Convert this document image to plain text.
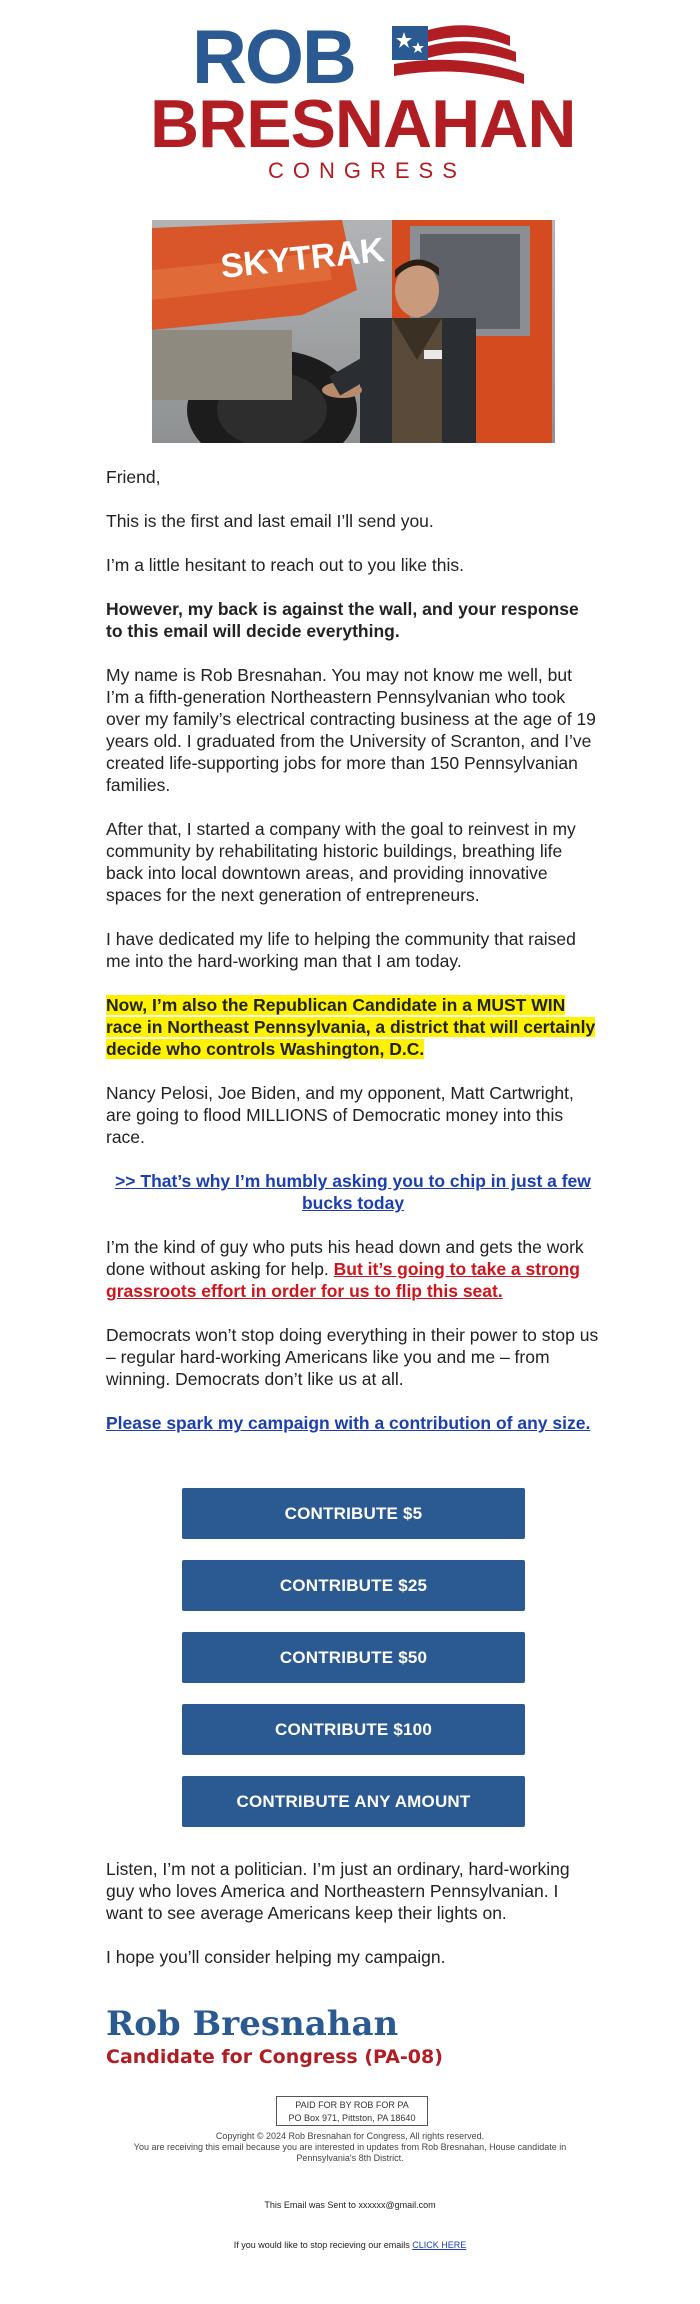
ROB
BRESNAHAN
CONGRESS
SKYTRAK
Friend,
This is the first and last email I’ll send you.
I’m a little hesitant to reach out to you like this.
However, my back is against the wall, and your response to this email will decide everything.
My name is Rob Bresnahan. You may not know me well, but I’m a fifth-generation Northeastern Pennsylvanian who took over my family’s electrical contracting business at the age of 19 years old. I graduated from the University of Scranton, and I’ve created life-supporting jobs for more than 150 Pennsylvanian families.
After that, I started a company with the goal to reinvest in my community by rehabilitating historic buildings, breathing life back into local downtown areas, and providing innovative spaces for the next generation of entrepreneurs.
I have dedicated my life to helping the community that raised me into the hard-working man that I am today.
Now, I’m also the Republican Candidate in a MUST WIN race in Northeast Pennsylvania, a district that will certainly decide who controls Washington, D.C.
Nancy Pelosi, Joe Biden, and my opponent, Matt Cartwright, are going to flood MILLIONS of Democratic money into this race.
>> That’s why I’m humbly asking you to chip in just a few bucks today
I’m the kind of guy who puts his head down and gets the work done without asking for help. But it’s going to take a strong grassroots effort in order for us to flip this seat.
Democrats won’t stop doing everything in their power to stop us – regular hard-working Americans like you and me – from winning. Democrats don’t like us at all.
Please spark my campaign with a contribution of any size.
CONTRIBUTE $5
CONTRIBUTE $25
CONTRIBUTE $50
CONTRIBUTE $100
CONTRIBUTE ANY AMOUNT
Listen, I’m not a politician. I’m just an ordinary, hard-working guy who loves America and Northeastern Pennsylvanian. I want to see average Americans keep their lights on.
I hope you’ll consider helping my campaign.
Rob Bresnahan
Candidate for Congress (PA-08)
PAID FOR BY ROB FOR PA
PO Box 971, Pittston, PA 18640
Copyright © 2024 Rob Bresnahan for Congress, All rights reserved.
You are receiving this email because you are interested in updates from Rob Bresnahan, House candidate in Pennsylvania's 8th District.
This Email was Sent to xxxxxx@gmail.com
If you would like to stop recieving our emails CLICK HERE
